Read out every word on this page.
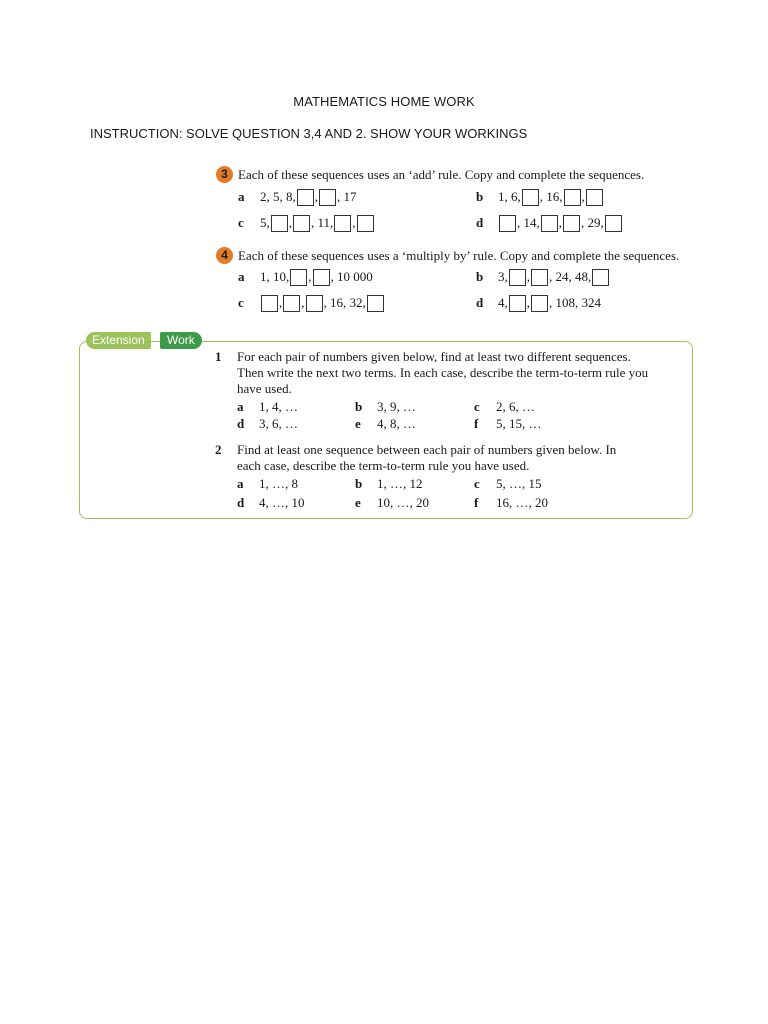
MATHEMATICS HOME WORK
INSTRUCTION: SOLVE QUESTION 3,4 AND 2. SHOW YOUR WORKINGS
3 Each of these sequences uses an ‘add’ rule. Copy and complete the sequences.
a	2, 5, 8, , , 17	b	1, 6, , 16, ,
c	5, , , 11, ,	d	, 14, , , 29,
4 Each of these sequences uses a ‘multiply by’ rule. Copy and complete the sequences.
a	1, 10, , , 10 000	b	3, , , 24, 48,
c	, , , 16, 32,	d	4, , , 108, 324
Extension	Work
1 For each pair of numbers given below, find at least two different sequences. Then write the next two terms. In each case, describe the term-to-term rule you have used.
a 1, 4, …	b 3, 9, …	c 2, 6, …
d 3, 6, …	e 4, 8, …	f 5, 15, …
2 Find at least one sequence between each pair of numbers given below. In each case, describe the term-to-term rule you have used.
a 1, …, 8	b 1, …, 12	c 5, …, 15
d 4, …, 10	e 10, …, 20	f 16, …, 20
